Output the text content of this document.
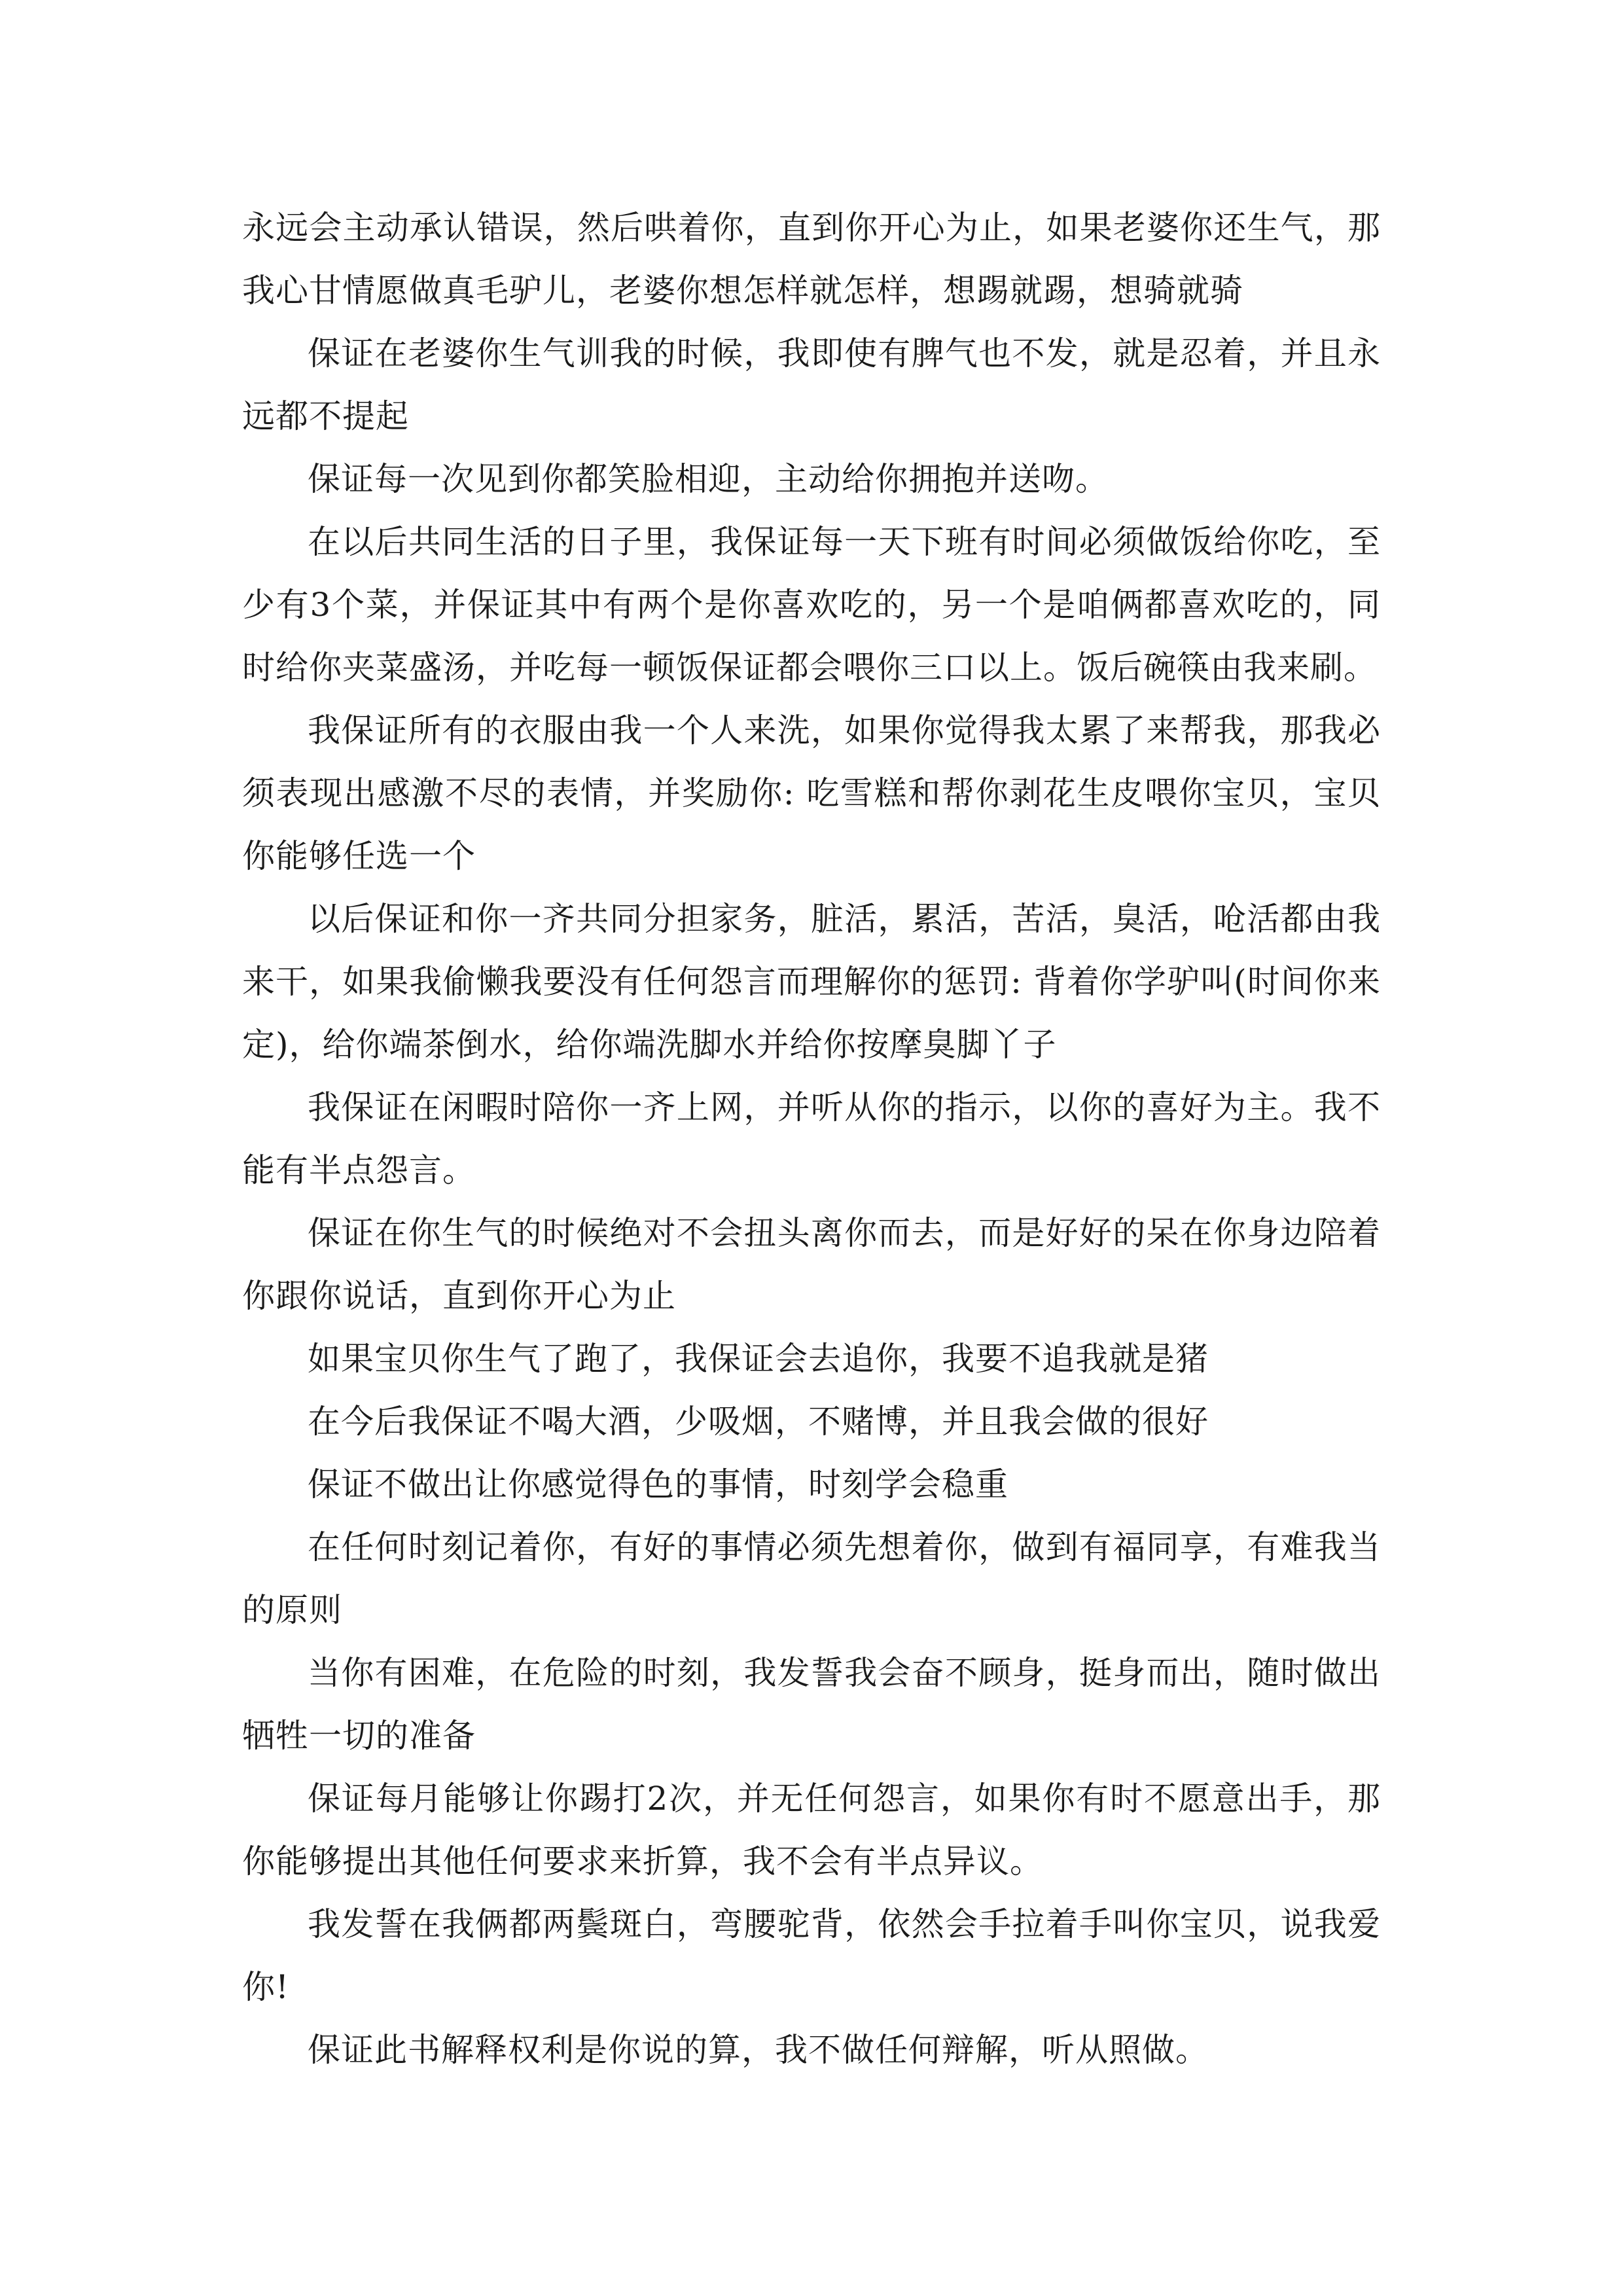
永远会主动承认错误，然后哄着你，直到你开心为止，如果老婆你还生气，那我心甘情愿做真毛驴儿，老婆你想怎样就怎样，想踢就踢，想骑就骑

保证在老婆你生气训我的时候，我即使有脾气也不发，就是忍着，并且永远都不提起

保证每一次见到你都笑脸相迎，主动给你拥抱并送吻。

在以后共同生活的日子里，我保证每一天下班有时间必须做饭给你吃，至少有3个菜，并保证其中有两个是你喜欢吃的，另一个是咱俩都喜欢吃的，同时给你夹菜盛汤，并吃每一顿饭保证都会喂你三口以上。饭后碗筷由我来刷。

我保证所有的衣服由我一个人来洗，如果你觉得我太累了来帮我，那我必须表现出感激不尽的表情，并奖励你: 吃雪糕和帮你剥花生皮喂你宝贝，宝贝你能够任选一个

以后保证和你一齐共同分担家务，脏活，累活，苦活，臭活，呛活都由我来干，如果我偷懒我要没有任何怨言而理解你的惩罚: 背着你学驴叫(时间你来定)，给你端茶倒水，给你端洗脚水并给你按摩臭脚丫子

我保证在闲暇时陪你一齐上网，并听从你的指示，以你的喜好为主。我不能有半点怨言。

保证在你生气的时候绝对不会扭头离你而去，而是好好的呆在你身边陪着你跟你说话，直到你开心为止

如果宝贝你生气了跑了，我保证会去追你，我要不追我就是猪

在今后我保证不喝大酒，少吸烟，不赌博，并且我会做的很好

保证不做出让你感觉得色的事情，时刻学会稳重

在任何时刻记着你，有好的事情必须先想着你，做到有福同享，有难我当的原则

当你有困难，在危险的时刻，我发誓我会奋不顾身，挺身而出，随时做出牺牲一切的准备

保证每月能够让你踢打2次，并无任何怨言，如果你有时不愿意出手，那你能够提出其他任何要求来折算，我不会有半点异议。

我发誓在我俩都两鬓斑白，弯腰驼背，依然会手拉着手叫你宝贝，说我爱你!

保证此书解释权利是你说的算，我不做任何辩解，听从照做。
